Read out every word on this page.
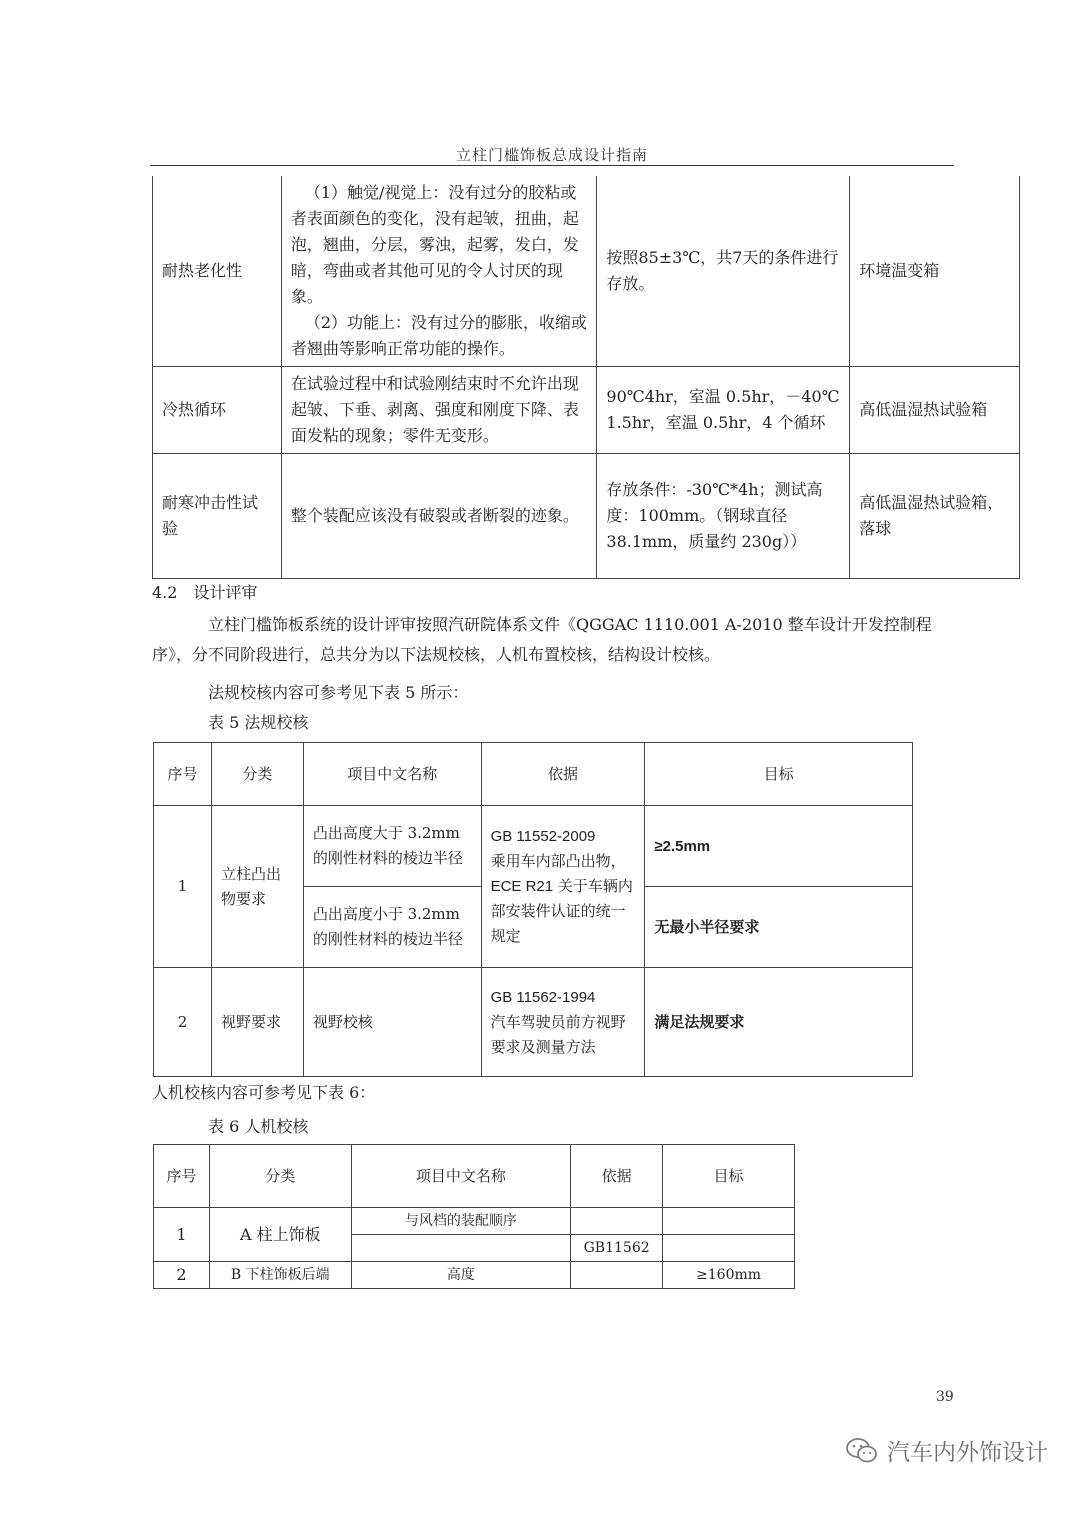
立柱门槛饰板总成设计指南
耐热老化性	（1）触觉/视觉上：没有过分的胶粘或者表面颜色的变化，没有起皱，扭曲，起泡，翘曲，分层，雾浊，起雾，发白，发暗，弯曲或者其他可见的令人讨厌的现象。
（2）功能上：没有过分的膨胀，收缩或者翘曲等影响正常功能的操作。	按照85±3℃，共7天的条件进行存放。	环境温变箱
冷热循环	在试验过程中和试验刚结束时不允许出现起皱、下垂、剥离、强度和刚度下降、表面发粘的现象；零件无变形。	90℃4hr，室温 0.5hr，－40℃ 1.5hr，室温 0.5hr，4 个循环	高低温湿热试验箱
耐寒冲击性试验	整个装配应该没有破裂或者断裂的迹象。	存放条件：-30℃*4h；测试高度：100mm。（钢球直径 38.1mm，质量约 230g））	高低温湿热试验箱，落球
4.2　设计评审
立柱门槛饰板系统的设计评审按照汽研院体系文件《QGGAC 1110.001 A-2010 整车设计开发控制程序》，分不同阶段进行，总共分为以下法规校核，人机布置校核，结构设计校核。
法规校核内容可参考见下表 5 所示：
表 5 法规校核
序号	分类	项目中文名称	依据	目标
1	立柱凸出物要求	凸出高度大于 3.2mm 的刚性材料的棱边半径	GB 11552-2009
乘用车内部凸出物，
ECE R21 关于车辆内部安装件认证的统一规定	≥2.5mm
		凸出高度小于 3.2mm 的刚性材料的棱边半径		无最小半径要求
2	视野要求	视野校核	GB 11562-1994
汽车驾驶员前方视野要求及测量方法	满足法规要求
人机校核内容可参考见下表 6：
表 6 人机校核
序号	分类	项目中文名称	依据	目标
1	A 柱上饰板	与风档的装配顺序		
			GB11562	
2	B 下柱饰板后端	高度		≥160mm
39
汽车内外饰设计
